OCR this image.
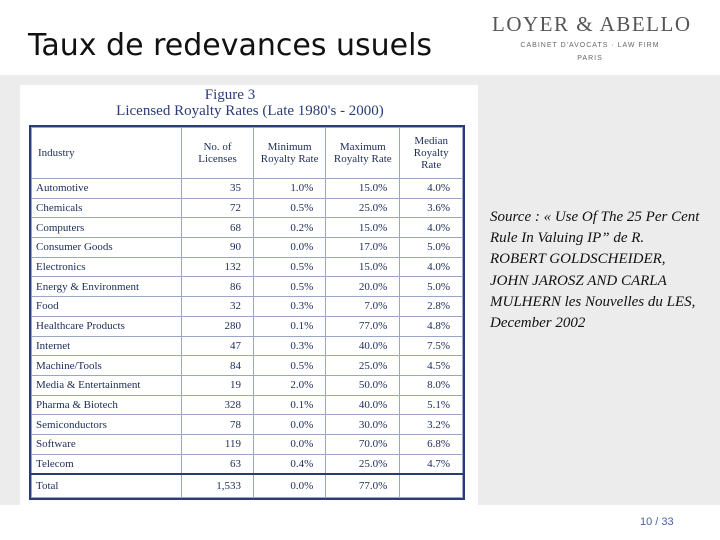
Taux de redevances usuels
LOYER & ABELLO
CABINET D'AVOCATS · LAW FIRM
PARIS
Figure 3
Licensed Royalty Rates (Late 1980's - 2000)
Industry	No. of Licenses	Minimum Royalty Rate	Maximum Royalty Rate	Median Royalty Rate
Automotive	35	1.0%	15.0%	4.0%
Chemicals	72	0.5%	25.0%	3.6%
Computers	68	0.2%	15.0%	4.0%
Consumer Goods	90	0.0%	17.0%	5.0%
Electronics	132	0.5%	15.0%	4.0%
Energy & Environment	86	0.5%	20.0%	5.0%
Food	32	0.3%	7.0%	2.8%
Healthcare Products	280	0.1%	77.0%	4.8%
Internet	47	0.3%	40.0%	7.5%
Machine/Tools	84	0.5%	25.0%	4.5%
Media & Entertainment	19	2.0%	50.0%	8.0%
Pharma & Biotech	328	0.1%	40.0%	5.1%
Semiconductors	78	0.0%	30.0%	3.2%
Software	119	0.0%	70.0%	6.8%
Telecom	63	0.4%	25.0%	4.7%
Total	1,533	0.0%	77.0%	
Source : « Use Of The 25 Per Cent Rule In Valuing IP” de R. ROBERT GOLDSCHEIDER, JOHN JAROSZ AND CARLA MULHERN les Nouvelles du LES, December 2002
10 / 33
